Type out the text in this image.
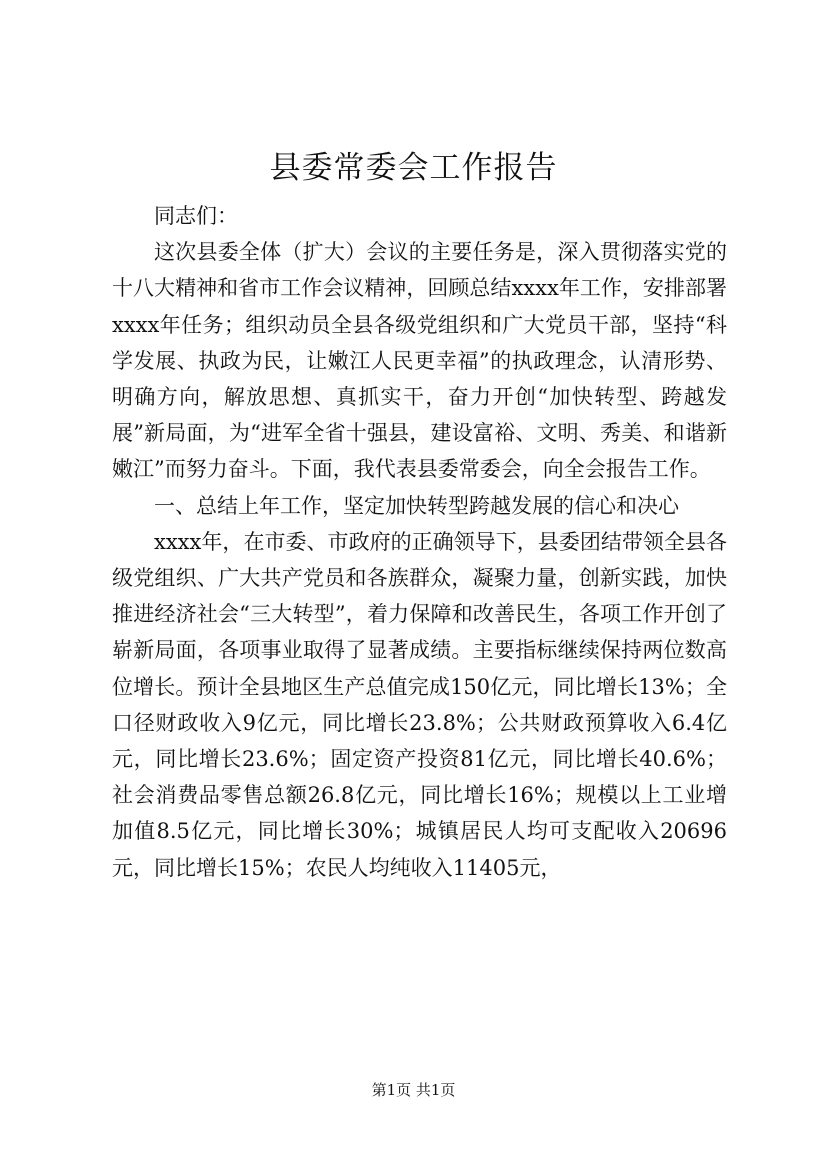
县委常委会工作报告

同志们：

这次县委全体（扩大）会议的主要任务是，深入贯彻落实党的十八大精神和省市工作会议精神，回顾总结xxxx年工作，安排部署xxxx年任务；组织动员全县各级党组织和广大党员干部，坚持“科学发展、执政为民，让嫩江人民更幸福”的执政理念，认清形势、明确方向，解放思想、真抓实干，奋力开创“加快转型、跨越发展”新局面，为“进军全省十强县，建设富裕、文明、秀美、和谐新嫩江”而努力奋斗。下面，我代表县委常委会，向全会报告工作。

一、总结上年工作，坚定加快转型跨越发展的信心和决心

xxxx年，在市委、市政府的正确领导下，县委团结带领全县各级党组织、广大共产党员和各族群众，凝聚力量，创新实践，加快推进经济社会“三大转型”，着力保障和改善民生，各项工作开创了崭新局面，各项事业取得了显著成绩。主要指标继续保持两位数高位增长。预计全县地区生产总值完成150亿元，同比增长13%；全口径财政收入9亿元，同比增长23.8%；公共财政预算收入6.4亿元，同比增长23.6%；固定资产投资81亿元，同比增长40.6%；社会消费品零售总额26.8亿元，同比增长16%；规模以上工业增加值8.5亿元，同比增长30%；城镇居民人均可支配收入20696元，同比增长15%；农民人均纯收入11405元，

第1页 共1页
